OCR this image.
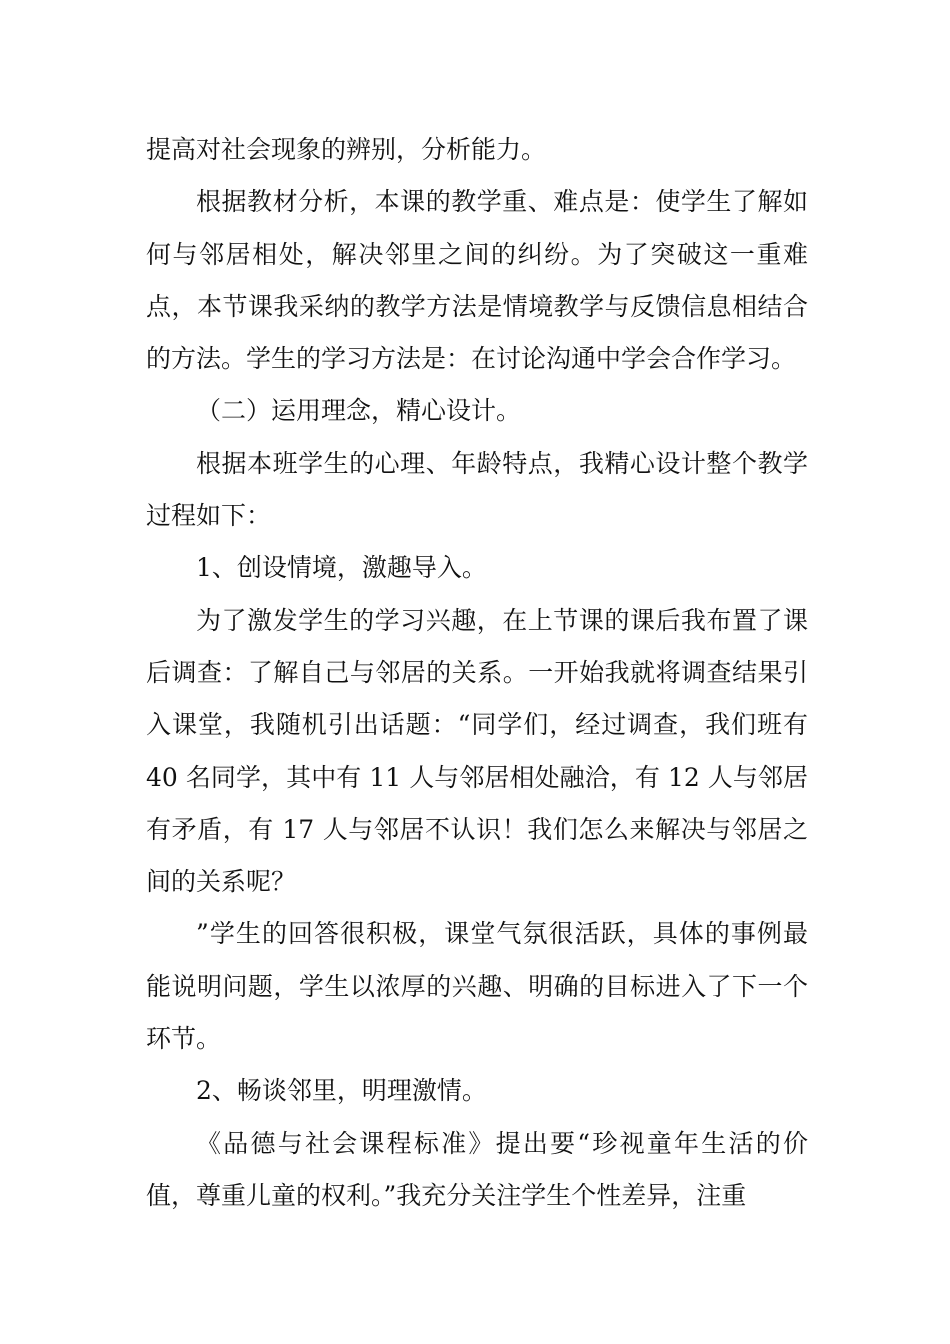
提高对社会现象的辨别，分析能力。

根据教材分析，本课的教学重、难点是：使学生了解如何与邻居相处，解决邻里之间的纠纷。为了突破这一重难点，本节课我采纳的教学方法是情境教学与反馈信息相结合的方法。学生的学习方法是：在讨论沟通中学会合作学习。

（二）运用理念，精心设计。

根据本班学生的心理、年龄特点，我精心设计整个教学过程如下：

1、创设情境，激趣导入。

为了激发学生的学习兴趣，在上节课的课后我布置了课后调查：了解自己与邻居的关系。一开始我就将调查结果引入课堂，我随机引出话题：“同学们，经过调查，我们班有 40 名同学，其中有 11 人与邻居相处融洽，有 12 人与邻居有矛盾，有 17 人与邻居不认识！我们怎么来解决与邻居之间的关系呢？

”学生的回答很积极，课堂气氛很活跃，具体的事例最能说明问题，学生以浓厚的兴趣、明确的目标进入了下一个环节。

2、畅谈邻里，明理激情。

《品德与社会课程标准》提出要“珍视童年生活的价值，尊重儿童的权利。”我充分关注学生个性差异，注重
